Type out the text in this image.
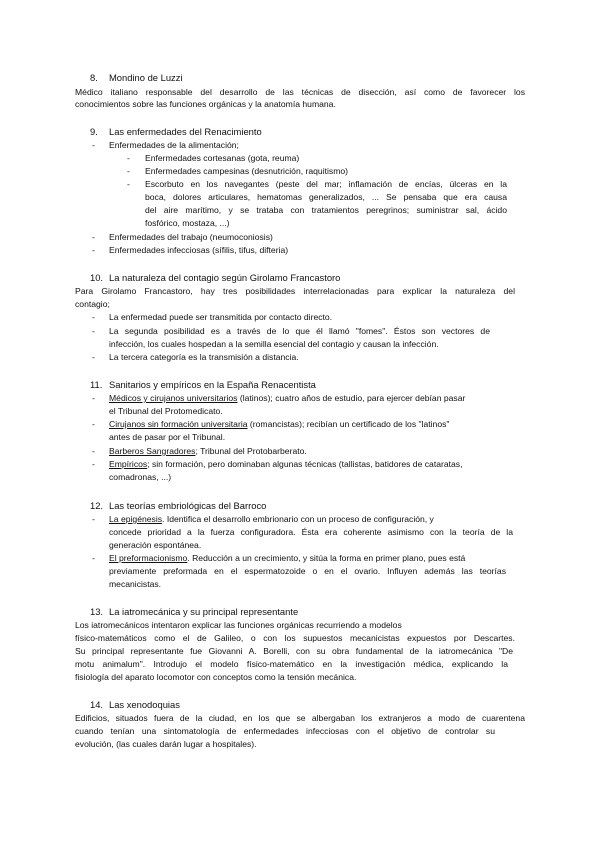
8. Mondino de Luzzi
Médico italiano responsable del desarrollo de las técnicas de disección, así como de favorecer los
conocimientos sobre las funciones orgánicas y la anatomía humana.
9. Las enfermedades del Renacimiento
- Enfermedades de la alimentación;
- Enfermedades cortesanas (gota, reuma)
- Enfermedades campesinas (desnutrición, raquitismo)
- Escorbuto en los navegantes (peste del mar; inflamación de encías, úlceras en la
boca, dolores articulares, hematomas generalizados, ... Se pensaba que era causa
del aire marítimo, y se trataba con tratamientos peregrinos; suministrar sal, ácido
fosfórico, mostaza, ...)
- Enfermedades del trabajo (neumoconiosis)
- Enfermedades infecciosas (sífilis, tifus, difteria)
10. La naturaleza del contagio según Girolamo Francastoro
Para Girolamo Francastoro, hay tres posibilidades interrelacionadas para explicar la naturaleza del
contagio;
- La enfermedad puede ser transmitida por contacto directo.
- La segunda posibilidad es a través de lo que él llamó "fomes". Éstos son vectores de
infección, los cuales hospedan a la semilla esencial del contagio y causan la infección.
- La tercera categoría es la transmisión a distancia.
11. Sanitarios y empíricos en la España Renacentista
- Médicos y cirujanos universitarios (latinos); cuatro años de estudio, para ejercer debían pasar
el Tribunal del Protomedicato.
- Cirujanos sin formación universitaria (romancistas); recibían un certificado de los "latinos"
antes de pasar por el Tribunal.
- Barberos Sangradores; Tribunal del Protobarberato.
- Empíricos; sin formación, pero dominaban algunas técnicas (tallistas, batidores de cataratas,
comadronas, ...)
12. Las teorías embriológicas del Barroco
- La epigénesis. Identifica el desarrollo embrionario con un proceso de configuración, y
concede prioridad a la fuerza configuradora. Ésta era coherente asimismo con la teoría de la
generación espontánea.
- El preformacionismo. Reducción a un crecimiento, y sitúa la forma en primer plano, pues está
previamente preformada en el espermatozoide o en el ovario. Influyen además las teorías
mecanicistas.
13. La iatromecánica y su principal representante
Los iatromecánicos intentaron explicar las funciones orgánicas recurriendo a modelos
físico-matemáticos como el de Galileo, o con los supuestos mecanicistas expuestos por Descartes.
Su principal representante fue Giovanni A. Borelli, con su obra fundamental de la iatromecánica "De
motu animalum". Introdujo el modelo físico-matemático en la investigación médica, explicando la
fisiología del aparato locomotor con conceptos como la tensión mecánica.
14. Las xenodoquias
Edificios, situados fuera de la ciudad, en los que se albergaban los extranjeros a modo de cuarentena
cuando tenían una sintomatología de enfermedades infecciosas con el objetivo de controlar su
evolución, (las cuales darán lugar a hospitales).
